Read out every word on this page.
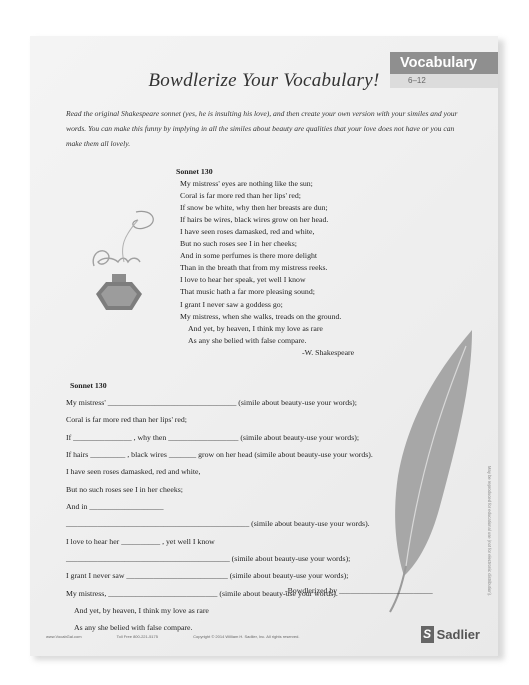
Vocabulary
6–12
Bowdlerize Your Vocabulary!
Read the original Shakespeare sonnet (yes, he is insulting his love), and then create your own version with your similes and your words. You can make this funny by implying in all the similes about beauty are qualities that your love does not have or you can make them all lovely.
Sonnet 130
My mistress' eyes are nothing like the sun;
Coral is far more red than her lips' red;
If snow be white, why then her breasts are dun;
If hairs be wires, black wires grow on her head.
I have seen roses damasked, red and white,
But no such roses see I in her cheeks;
And in some perfumes is there more delight
Than in the breath that from my mistress reeks.
I love to hear her speak, yet well I know
That music hath a far more pleasing sound;
I grant I never saw a goddess go;
My mistress, when she walks, treads on the ground.
And yet, by heaven, I think my love as rare
As any she belied with false compare.
-W. Shakespeare
Sonnet 130
My mistress' _________________________________ (simile about beauty-use your words);
Coral is far more red than her lips' red;
If _______________ , why then __________________ (simile about beauty-use your words);
If hairs _________ , black wires _______ grow on her head (simile about beauty-use your words).
I have seen roses damasked, red and white,
But no such roses see I in her cheeks;
And in ___________________
_______________________________________________ (simile about beauty-use your words).
I love to hear her __________ , yet well I know
__________________________________________ (simile about beauty-use your words);
I grant I never saw __________________________ (simile about beauty-use your words);
My mistress, ____________________________ (simile about beauty-use your words).
And yet, by heaven, I think my love as rare
As any she belied with false compare.
-Bowdlerized by ________________________	May be reproduced for educational use (not for electronic distribution).
www.VocabGal.com	Toll Free 800-221-5175	Copyright © 2014 William H. Sadlier, Inc. All rights reserved.	S Sadlier
